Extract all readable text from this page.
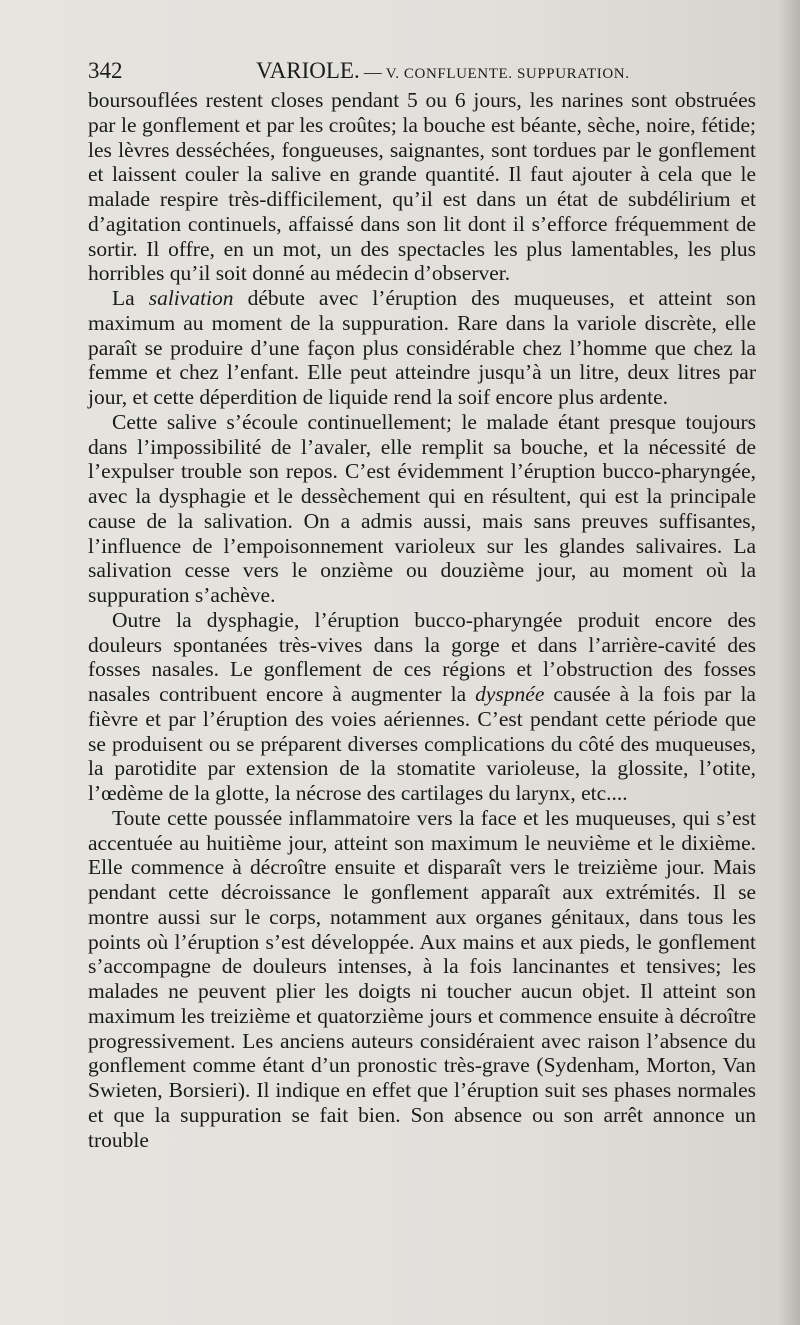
342	VARIOLE. — V. CONFLUENTE. SUPPURATION.

boursouflées restent closes pendant 5 ou 6 jours, les narines sont obstruées par le gonflement et par les croûtes; la bouche est béante, sèche, noire, fétide; les lèvres desséchées, fongueuses, saignantes, sont tordues par le gonflement et laissent couler la salive en grande quantité. Il faut ajouter à cela que le malade respire très-difficilement, qu’il est dans un état de subdélirium et d’agitation continuels, affaissé dans son lit dont il s’efforce fréquemment de sortir. Il offre, en un mot, un des spectacles les plus lamentables, les plus horribles qu’il soit donné au médecin d’observer.

La salivation débute avec l’éruption des muqueuses, et atteint son maximum au moment de la suppuration. Rare dans la variole discrète, elle paraît se produire d’une façon plus considérable chez l’homme que chez la femme et chez l’enfant. Elle peut atteindre jusqu’à un litre, deux litres par jour, et cette déperdition de liquide rend la soif encore plus ardente.

Cette salive s’écoule continuellement; le malade étant presque toujours dans l’impossibilité de l’avaler, elle remplit sa bouche, et la nécessité de l’expulser trouble son repos. C’est évidemment l’éruption bucco-pharyngée, avec la dysphagie et le dessèchement qui en résultent, qui est la principale cause de la salivation. On a admis aussi, mais sans preuves suffisantes, l’influence de l’empoisonnement varioleux sur les glandes salivaires. La salivation cesse vers le onzième ou douzième jour, au moment où la suppuration s’achève.

Outre la dysphagie, l’éruption bucco-pharyngée produit encore des douleurs spontanées très-vives dans la gorge et dans l’arrière-cavité des fosses nasales. Le gonflement de ces régions et l’obstruction des fosses nasales contribuent encore à augmenter la dyspnée causée à la fois par la fièvre et par l’éruption des voies aériennes. C’est pendant cette période que se produisent ou se préparent diverses complications du côté des muqueuses, la parotidite par extension de la stomatite varioleuse, la glossite, l’otite, l’œdème de la glotte, la nécrose des cartilages du larynx, etc....

Toute cette poussée inflammatoire vers la face et les muqueuses, qui s’est accentuée au huitième jour, atteint son maximum le neuvième et le dixième. Elle commence à décroître ensuite et disparaît vers le treizième jour. Mais pendant cette décroissance le gonflement apparaît aux extrémités. Il se montre aussi sur le corps, notamment aux organes génitaux, dans tous les points où l’éruption s’est développée. Aux mains et aux pieds, le gonflement s’accompagne de douleurs intenses, à la fois lancinantes et tensives; les malades ne peuvent plier les doigts ni toucher aucun objet. Il atteint son maximum les treizième et quatorzième jours et commence ensuite à décroître progressivement. Les anciens auteurs considéraient avec raison l’absence du gonflement comme étant d’un pronostic très-grave (Sydenham, Morton, Van Swieten, Borsieri). Il indique en effet que l’éruption suit ses phases normales et que la suppuration se fait bien. Son absence ou son arrêt annonce un trouble
